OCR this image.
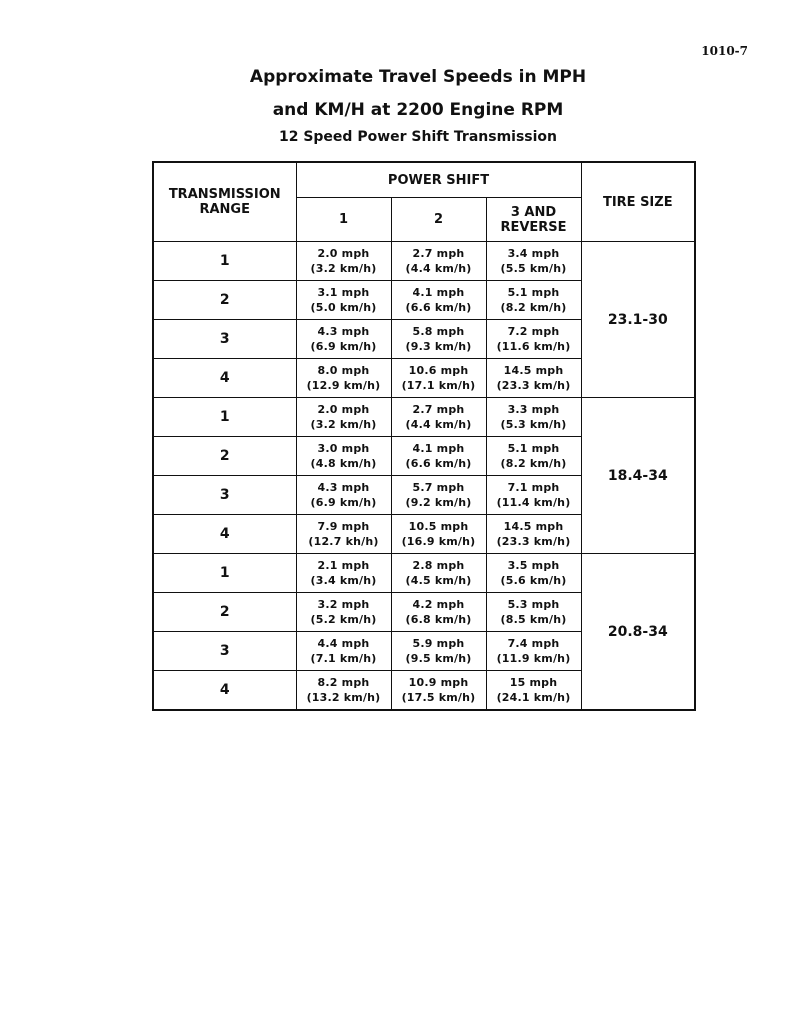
1010-7
Approximate Travel Speeds in MPH
and KM/H at 2200 Engine RPM
12 Speed Power Shift Transmission
TRANSMISSION
RANGE	POWER SHIFT			TIRE SIZE
	1	2	3 AND
REVERSE	

1	2.0 mph
(3.2 km/h)	2.7 mph
(4.4 km/h)	3.4 mph
(5.5 km/h)	23.1-30
2	3.1 mph
(5.0 km/h)	4.1 mph
(6.6 km/h)	5.1 mph
(8.2 km/h)	

3	4.3 mph
(6.9 km/h)	5.8 mph
(9.3 km/h)	7.2 mph
(11.6 km/h)	

4	8.0 mph
(12.9 km/h)	10.6 mph
(17.1 km/h)	14.5 mph
(23.3 km/h)	

1	2.0 mph
(3.2 km/h)	2.7 mph
(4.4 km/h)	3.3 mph
(5.3 km/h)	18.4-34
2	3.0 mph
(4.8 km/h)	4.1 mph
(6.6 km/h)	5.1 mph
(8.2 km/h)	

3	4.3 mph
(6.9 km/h)	5.7 mph
(9.2 km/h)	7.1 mph
(11.4 km/h)	

4	7.9 mph
(12.7 kh/h)	10.5 mph
(16.9 km/h)	14.5 mph
(23.3 km/h)	

1	2.1 mph
(3.4 km/h)	2.8 mph
(4.5 km/h)	3.5 mph
(5.6 km/h)	20.8-34
2	3.2 mph
(5.2 km/h)	4.2 mph
(6.8 km/h)	5.3 mph
(8.5 km/h)	

3	4.4 mph
(7.1 km/h)	5.9 mph
(9.5 km/h)	7.4 mph
(11.9 km/h)	

4	8.2 mph
(13.2 km/h)	10.9 mph
(17.5 km/h)	15 mph
(24.1 km/h)	
